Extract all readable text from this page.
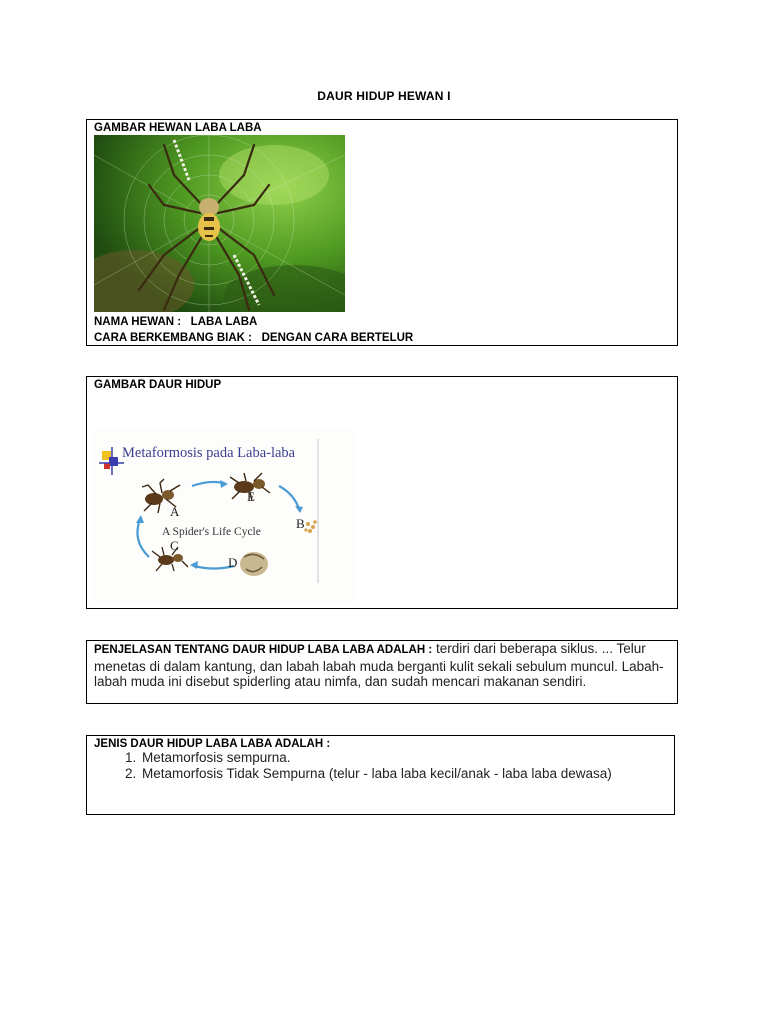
DAUR HIDUP HEWAN I
GAMBAR HEWAN LABA LABA
NAMA HEWAN :   LABA LABA
CARA BERKEMBANG BIAK :   DENGAN CARA BERTELUR
GAMBAR DAUR HIDUP
Metaformosis pada Laba-laba
A Spider's Life Cycle
A
B
C
D
E
PENJELASAN TENTANG DAUR HIDUP LABA LABA ADALAH : terdiri dari beberapa siklus. ... Telur menetas di dalam kantung, dan labah labah muda berganti kulit sekali sebulum muncul. Labah-labah muda ini disebut spiderling atau nimfa, dan sudah mencari makanan sendiri.
JENIS DAUR HIDUP LABA LABA ADALAH :
1. Metamorfosis sempurna.
2. Metamorfosis Tidak Sempurna (telur - laba laba kecil/anak - laba laba dewasa)
